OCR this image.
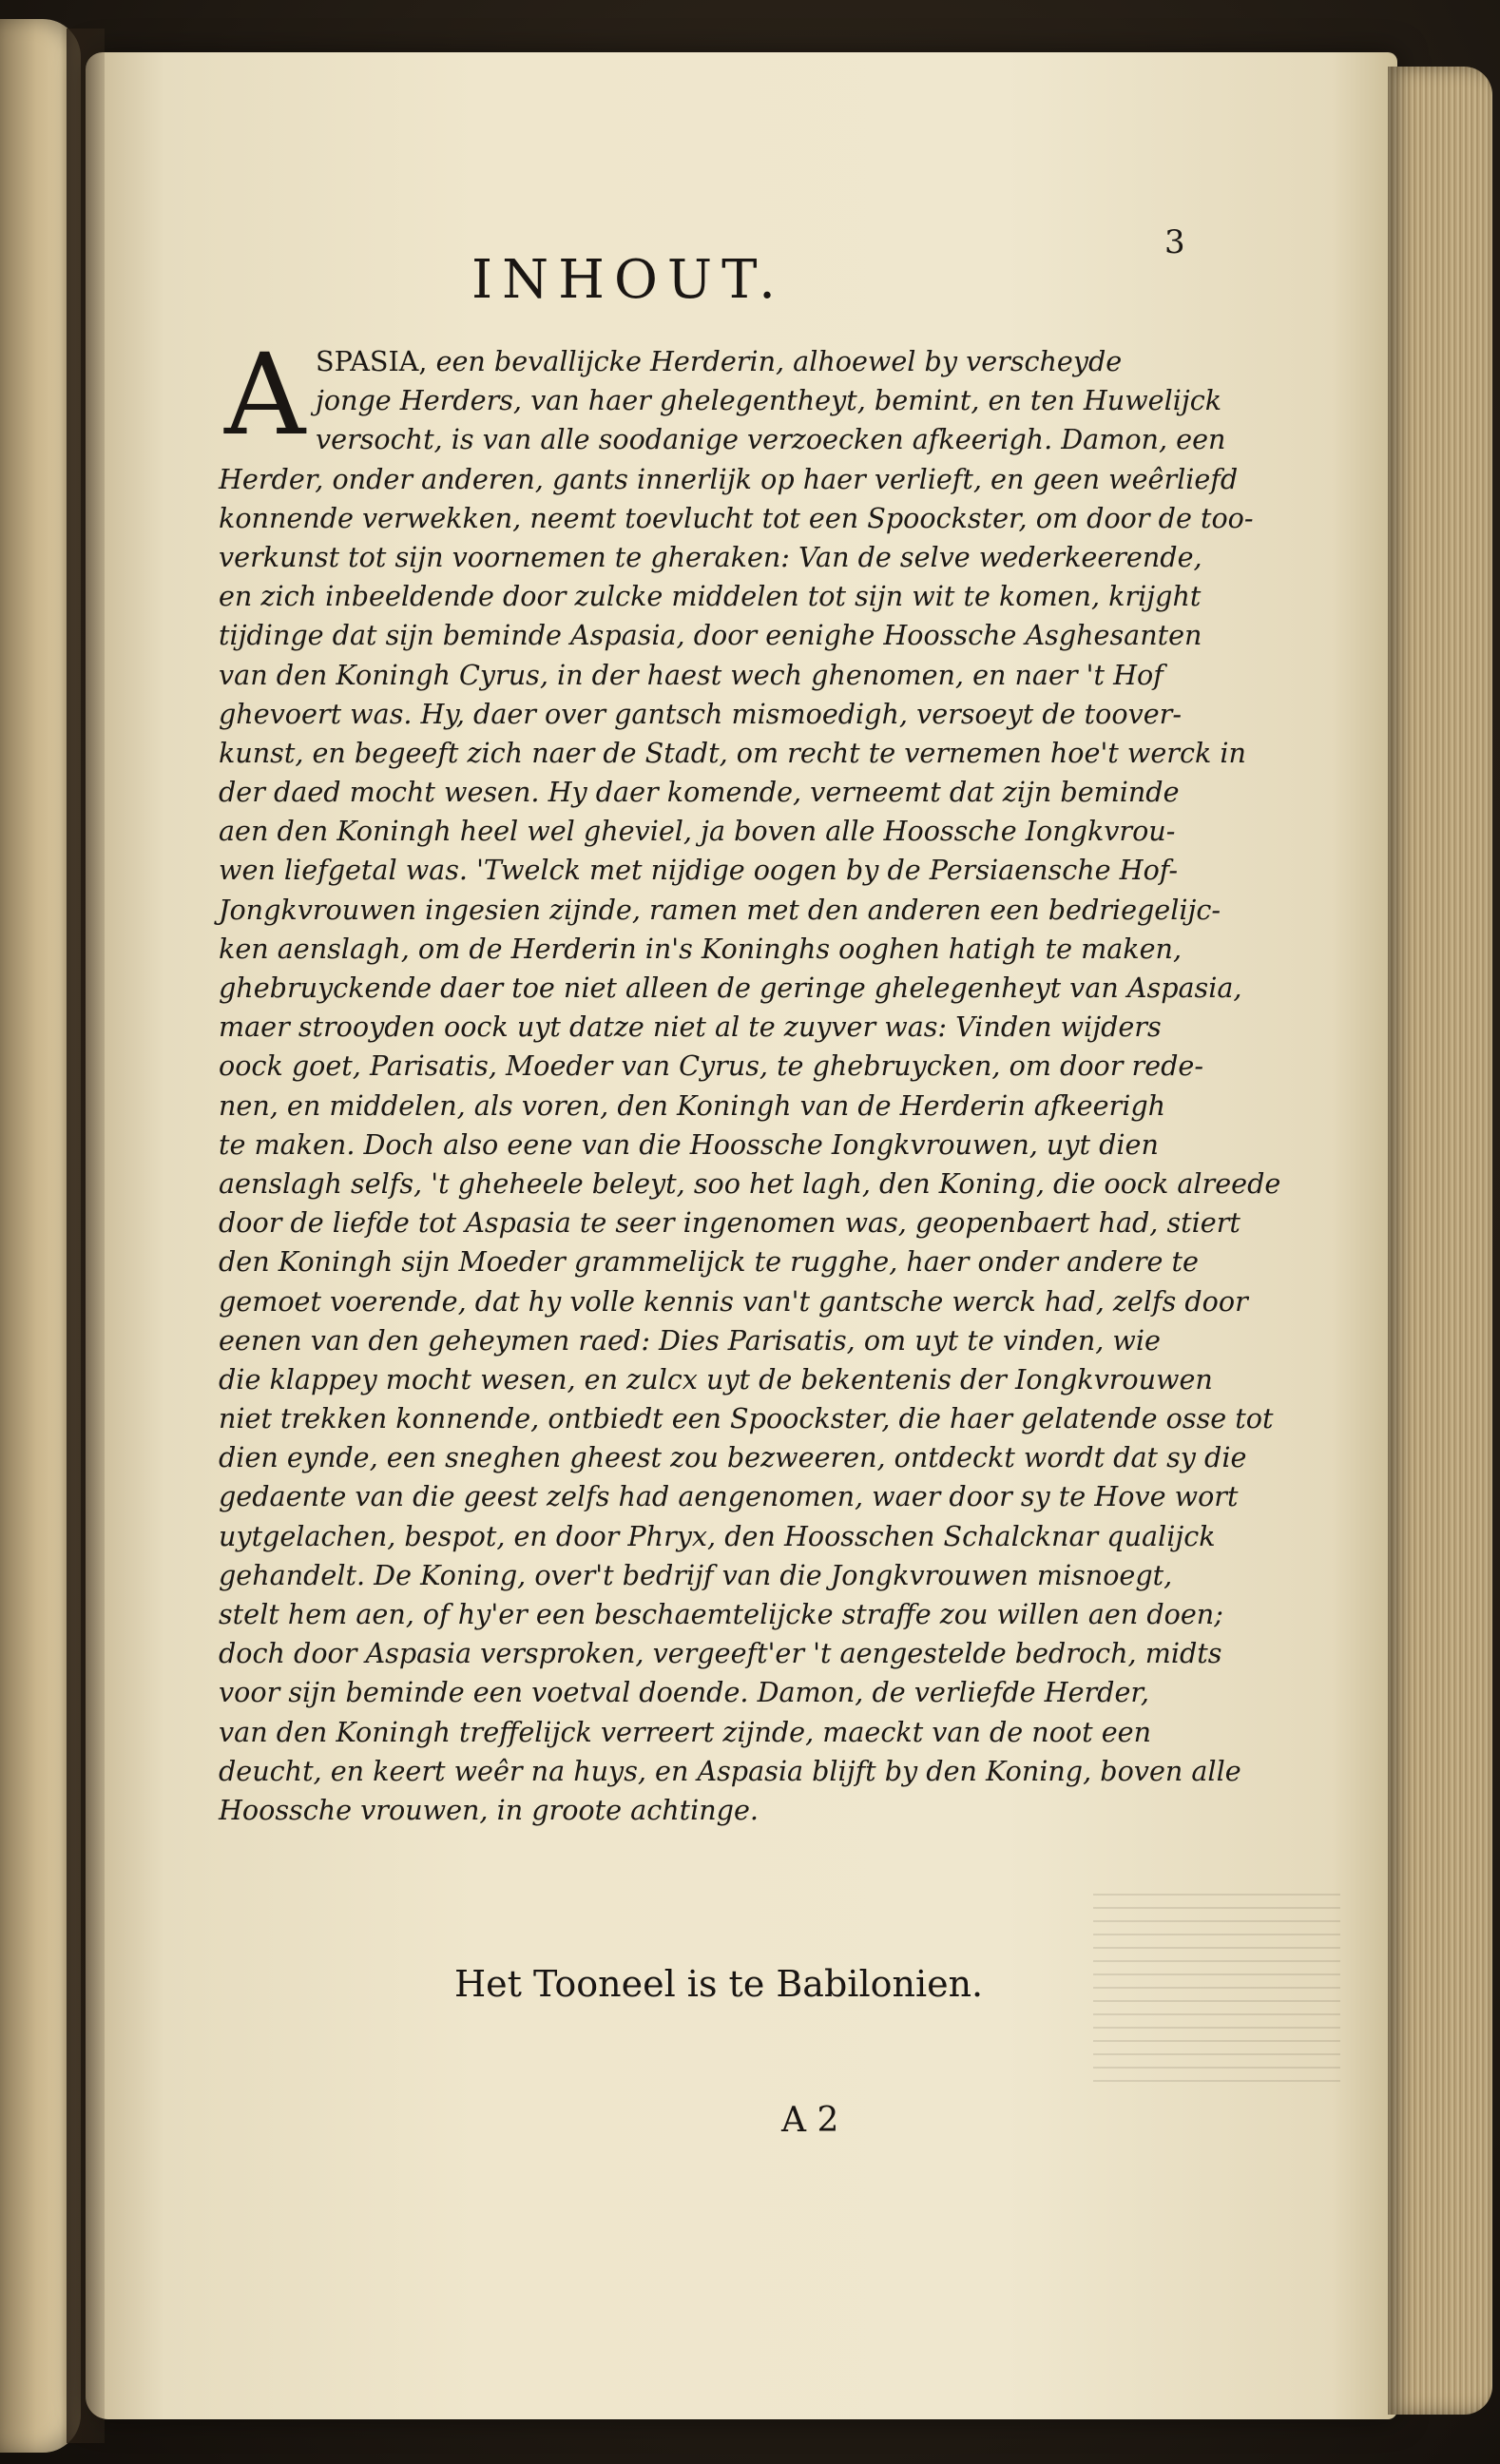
3
INHOUT.
A SPASIA, een bevallijcke Herderin, alhoewel by verscheyde
jonge Herders, van haer ghelegentheyt, bemint, en ten Huwelijck
versocht, is van alle soodanige verzoecken afkeerigh. Damon, een
Herder, onder anderen, gants innerlijk op haer verlieft, en geen weêrliefd
konnende verwekken, neemt toevlucht tot een Spoockster, om door de too-
verkunst tot sijn voornemen te gheraken: Van de selve wederkeerende,
en zich inbeeldende door zulcke middelen tot sijn wit te komen, krijght
tijdinge dat sijn beminde Aspasia, door eenighe Hoossche Asghesanten
van den Koningh Cyrus, in der haest wech ghenomen, en naer 't Hof
ghevoert was. Hy, daer over gantsch mismoedigh, versoeyt de toover-
kunst, en begeeft zich naer de Stadt, om recht te vernemen hoe't werck in
der daed mocht wesen. Hy daer komende, verneemt dat zijn beminde
aen den Koningh heel wel gheviel, ja boven alle Hoossche Iongkvrou-
wen liefgetal was. 'Twelck met nijdige oogen by de Persiaensche Hof-
Jongkvrouwen ingesien zijnde, ramen met den anderen een bedriegelijc-
ken aenslagh, om de Herderin in's Koninghs ooghen hatigh te maken,
ghebruyckende daer toe niet alleen de geringe ghelegenheyt van Aspasia,
maer strooyden oock uyt datze niet al te zuyver was: Vinden wijders
oock goet, Parisatis, Moeder van Cyrus, te ghebruycken, om door rede-
nen, en middelen, als voren, den Koningh van de Herderin afkeerigh
te maken. Doch also eene van die Hoossche Iongkvrouwen, uyt dien
aenslagh selfs, 't gheheele beleyt, soo het lagh, den Koning, die oock alreede
door de liefde tot Aspasia te seer ingenomen was, geopenbaert had, stiert
den Koningh sijn Moeder grammelijck te rugghe, haer onder andere te
gemoet voerende, dat hy volle kennis van't gantsche werck had, zelfs door
eenen van den geheymen raed: Dies Parisatis, om uyt te vinden, wie
die klappey mocht wesen, en zulcx uyt de bekentenis der Iongkvrouwen
niet trekken konnende, ontbiedt een Spoockster, die haer gelatende osse tot
dien eynde, een sneghen gheest zou bezweeren, ontdeckt wordt dat sy die
gedaente van die geest zelfs had aengenomen, waer door sy te Hove wort
uytgelachen, bespot, en door Phryx, den Hoosschen Schalcknar qualijck
gehandelt. De Koning, over't bedrijf van die Jongkvrouwen misnoegt,
stelt hem aen, of hy'er een beschaemtelijcke straffe zou willen aen doen;
doch door Aspasia versproken, vergeeft'er 't aengestelde bedroch, midts
voor sijn beminde een voetval doende. Damon, de verliefde Herder,
van den Koningh treffelijck verreert zijnde, maeckt van de noot een
deucht, en keert weêr na huys, en Aspasia blijft by den Koning, boven alle
Hoossche vrouwen, in groote achtinge.
Het Tooneel is te Babilonien.
A 2
